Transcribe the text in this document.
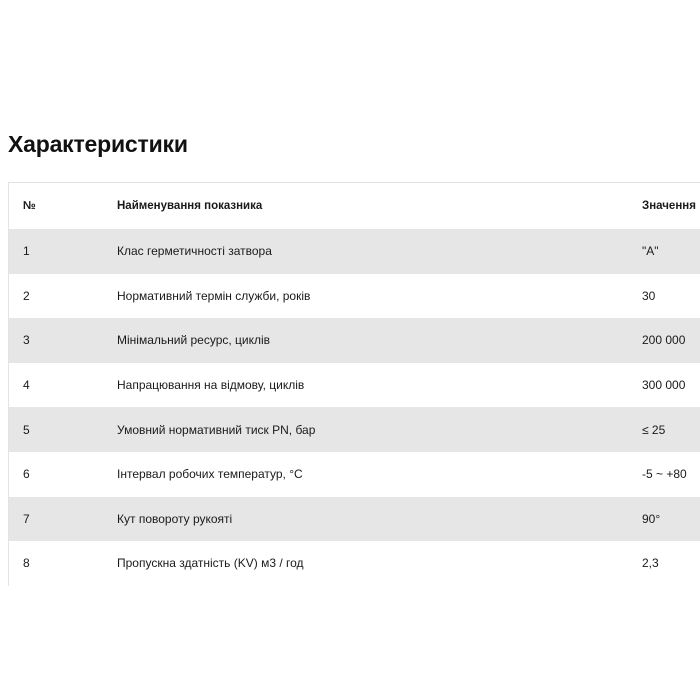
Характеристики
№	Найменування показника	Значення
1	Клас герметичності затвора	"А"
2	Нормативний термін служби, років	30
3	Мінімальний ресурс, циклів	200 000
4	Напрацювання на відмову, циклів	300 000
5	Умовний нормативний тиск PN, бар	≤ 25
6	Інтервал робочих температур, °С	-5 ~ +80
7	Кут повороту рукояті	90°
8	Пропускна здатність (KV) м3 / год	2,3
